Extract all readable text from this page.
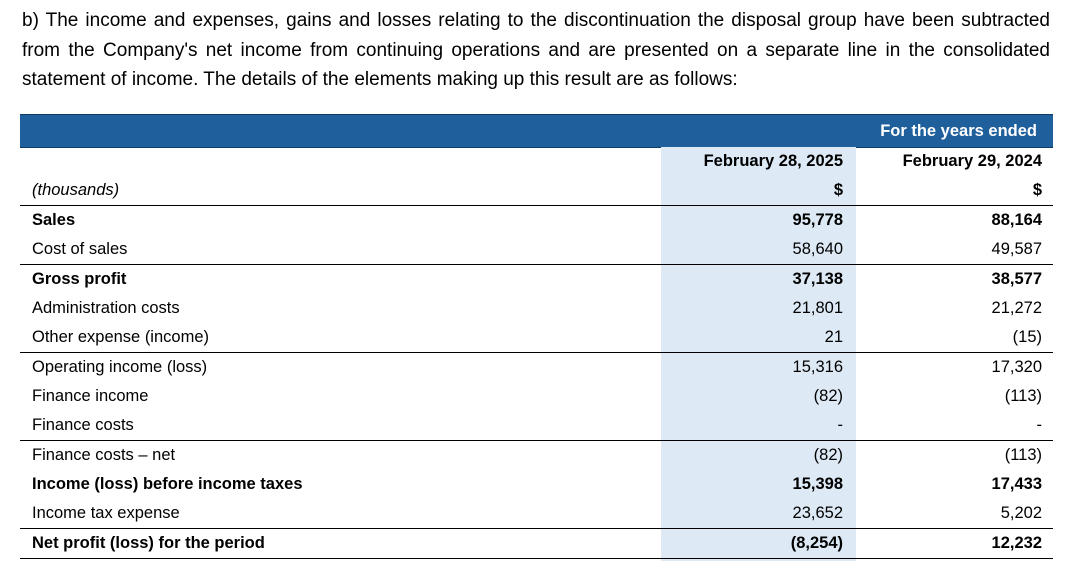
b) The income and expenses, gains and losses relating to the discontinuation the disposal group have been subtracted from the Company's net income from continuing operations and are presented on a separate line in the consolidated statement of income. The details of the elements making up this result are as follows:

For the years ended
	February 28, 2025	February 29, 2024
(thousands)	$	$
Sales	95,778	88,164
Cost of sales	58,640	49,587
Gross profit	37,138	38,577
Administration costs	21,801	21,272
Other expense (income)	21	(15)
Operating income (loss)	15,316	17,320
Finance income	(82)	(113)
Finance costs	-	-
Finance costs – net	(82)	(113)
Income (loss) before income taxes	15,398	17,433
Income tax expense	23,652	5,202
Net profit (loss) for the period	(8,254)	12,232
